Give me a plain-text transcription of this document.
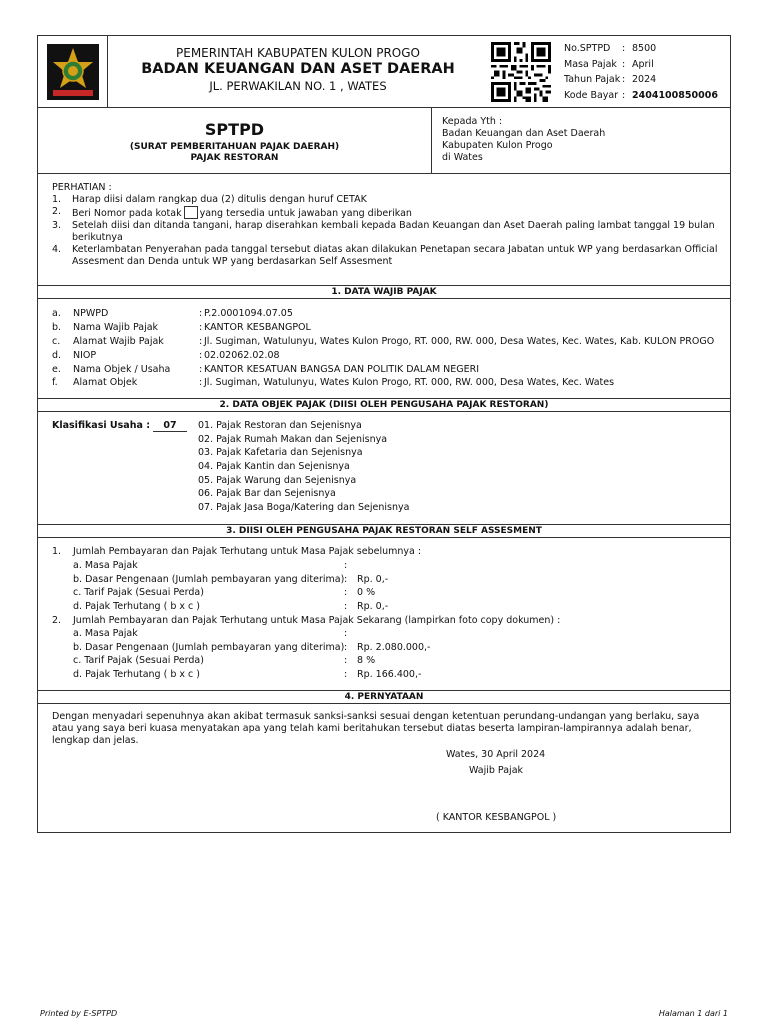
PEMERINTAH KABUPATEN KULON PROGO
BADAN KEUANGAN DAN ASET DAERAH
JL. PERWAKILAN NO. 1 , WATES
No.SPTPD	: 8500
Masa Pajak : April
Tahun Pajak : 2024
Kode Bayar : 2404100850006
SPTPD
(SURAT PEMBERITAHUAN PAJAK DAERAH)
PAJAK RESTORAN
Kepada Yth :
Badan Keuangan dan Aset Daerah
Kabupaten Kulon Progo
di Wates
PERHATIAN :
1.	Harap diisi dalam rangkap dua (2) ditulis dengan huruf CETAK
2.	Beri Nomor pada kotak yang tersedia untuk jawaban yang diberikan
3.	Setelah diisi dan ditanda tangani, harap diserahkan kembali kepada Badan Keuangan dan Aset Daerah paling lambat tanggal 19 bulan berikutnya
4.	Keterlambatan Penyerahan pada tanggal tersebut diatas akan dilakukan Penetapan secara Jabatan untuk WP yang berdasarkan Official Assesment dan Denda untuk WP yang berdasarkan Self Assesment
1. DATA WAJIB PAJAK
a.	NPWPD	: P.2.0001094.07.05
b.	Nama Wajib Pajak	: KANTOR KESBANGPOL
c.	Alamat Wajib Pajak	: Jl. Sugiman, Watulunyu, Wates Kulon Progo, RT. 000, RW. 000, Desa Wates, Kec. Wates, Kab. KULON PROGO
d.	NIOP	: 02.02062.02.08
e.	Nama Objek / Usaha	: KANTOR KESATUAN BANGSA DAN POLITIK DALAM NEGERI
f.	Alamat Objek	: Jl. Sugiman, Watulunyu, Wates Kulon Progo, RT. 000, RW. 000, Desa Wates, Kec. Wates
2. DATA OBJEK PAJAK (DIISI OLEH PENGUSAHA PAJAK RESTORAN)
Klasifikasi Usaha :	07	01. Pajak Restoran dan Sejenisnya
02. Pajak Rumah Makan dan Sejenisnya
03. Pajak Kafetaria dan Sejenisnya
04. Pajak Kantin dan Sejenisnya
05. Pajak Warung dan Sejenisnya
06. Pajak Bar dan Sejenisnya
07. Pajak Jasa Boga/Katering dan Sejenisnya
3. DIISI OLEH PENGUSAHA PAJAK RESTORAN SELF ASSESMENT
1.	Jumlah Pembayaran dan Pajak Terhutang untuk Masa Pajak sebelumnya :
a. Masa Pajak	:
b. Dasar Pengenaan (Jumlah pembayaran yang diterima) :	Rp. 0,-
c. Tarif Pajak (Sesuai Perda)	:	0 %
d. Pajak Terhutang ( b x c )	:	Rp. 0,-
2.	Jumlah Pembayaran dan Pajak Terhutang untuk Masa Pajak Sekarang (lampirkan foto copy dokumen) :
a. Masa Pajak	:
b. Dasar Pengenaan (Jumlah pembayaran yang diterima) :	Rp. 2.080.000,-
c. Tarif Pajak (Sesuai Perda)	:	8 %
d. Pajak Terhutang ( b x c )	:	Rp. 166.400,-
4. PERNYATAAN
Dengan menyadari sepenuhnya akan akibat termasuk sanksi-sanksi sesuai dengan ketentuan perundang-undangan yang berlaku, saya atau yang saya beri kuasa menyatakan apa yang telah kami beritahukan tersebut diatas beserta lampiran-lampirannya adalah benar, lengkap dan jelas.
Wates, 30 April 2024
Wajib Pajak
( KANTOR KESBANGPOL )
Printed by E-SPTPD	Halaman 1 dari 1
